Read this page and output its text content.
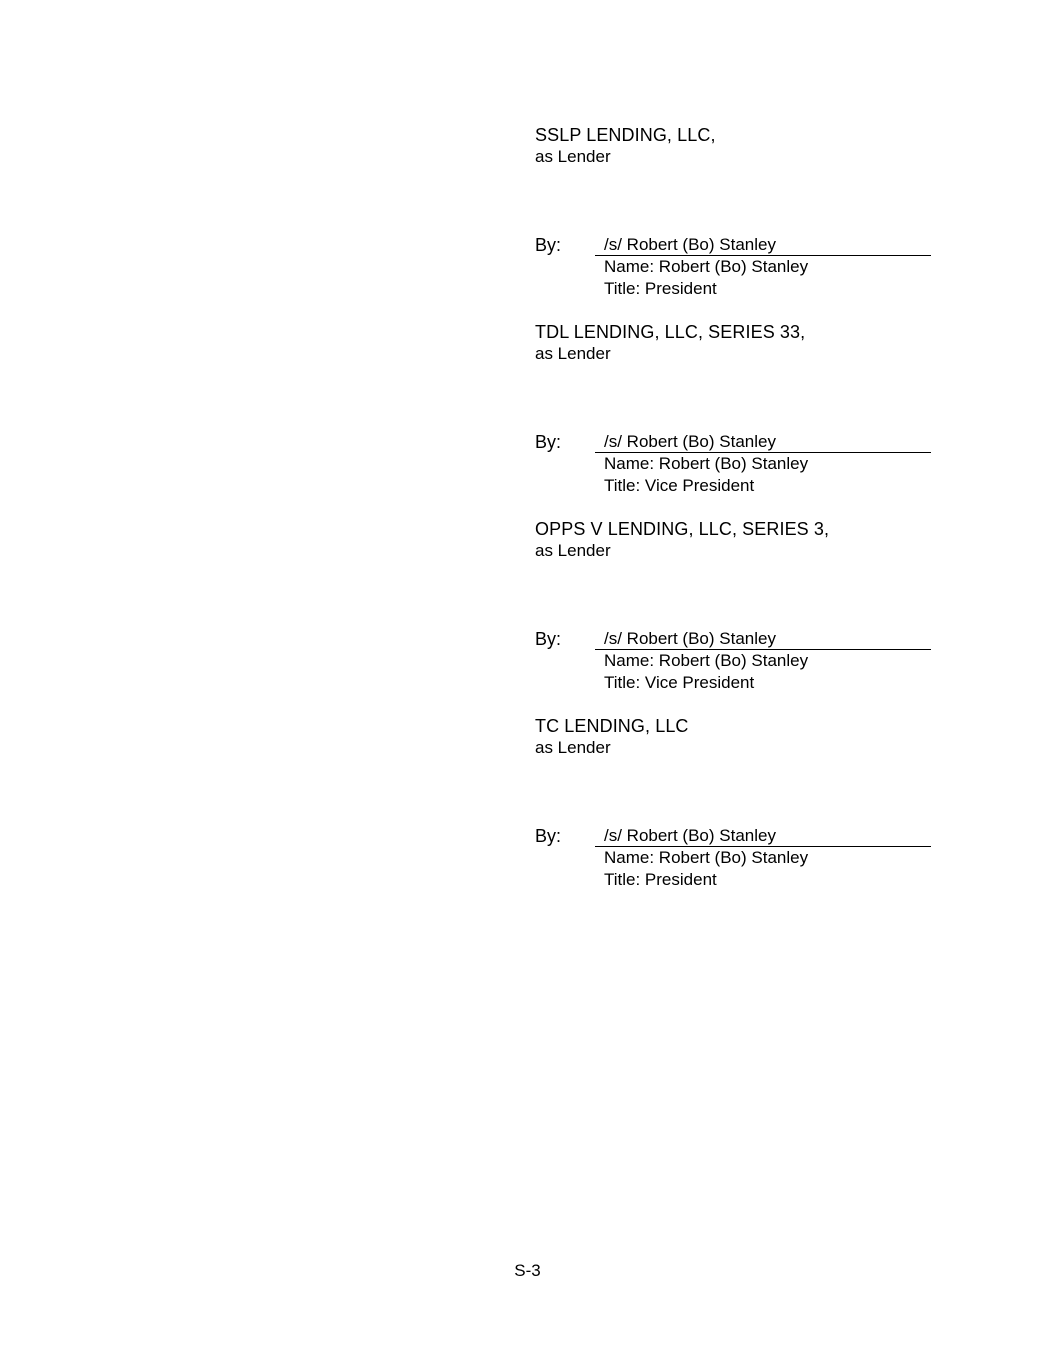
SSLP LENDING, LLC,
as Lender
By:	/s/ Robert (Bo) Stanley
Name: Robert (Bo) Stanley
Title: President
TDL LENDING, LLC, SERIES 33,
as Lender
By:	/s/ Robert (Bo) Stanley
Name: Robert (Bo) Stanley
Title: Vice President
OPPS V LENDING, LLC, SERIES 3,
as Lender
By:	/s/ Robert (Bo) Stanley
Name: Robert (Bo) Stanley
Title: Vice President
TC LENDING, LLC
as Lender
By:	/s/ Robert (Bo) Stanley
Name: Robert (Bo) Stanley
Title: President
S-3
